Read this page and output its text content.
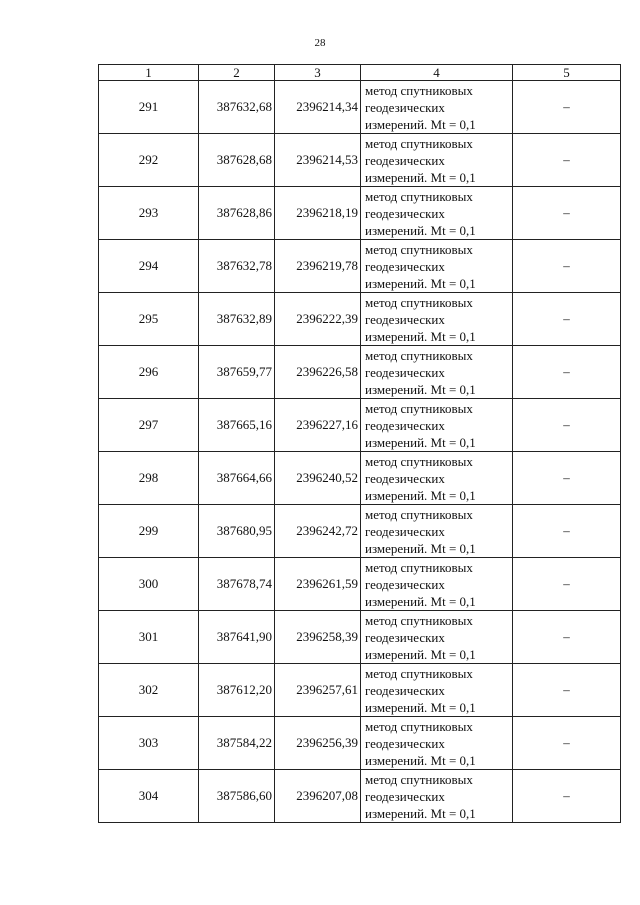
28
1	2	3	4	5
291	387632,68	2396214,34	метод спутниковых
геодезических
измерений. Mt = 0,1	–
292	387628,68	2396214,53	метод спутниковых
геодезических
измерений. Mt = 0,1	–
293	387628,86	2396218,19	метод спутниковых
геодезических
измерений. Mt = 0,1	–
294	387632,78	2396219,78	метод спутниковых
геодезических
измерений. Mt = 0,1	–
295	387632,89	2396222,39	метод спутниковых
геодезических
измерений. Mt = 0,1	–
296	387659,77	2396226,58	метод спутниковых
геодезических
измерений. Mt = 0,1	–
297	387665,16	2396227,16	метод спутниковых
геодезических
измерений. Mt = 0,1	–
298	387664,66	2396240,52	метод спутниковых
геодезических
измерений. Mt = 0,1	–
299	387680,95	2396242,72	метод спутниковых
геодезических
измерений. Mt = 0,1	–
300	387678,74	2396261,59	метод спутниковых
геодезических
измерений. Mt = 0,1	–
301	387641,90	2396258,39	метод спутниковых
геодезических
измерений. Mt = 0,1	–
302	387612,20	2396257,61	метод спутниковых
геодезических
измерений. Mt = 0,1	–
303	387584,22	2396256,39	метод спутниковых
геодезических
измерений. Mt = 0,1	–
304	387586,60	2396207,08	метод спутниковых
геодезических
измерений. Mt = 0,1	–
